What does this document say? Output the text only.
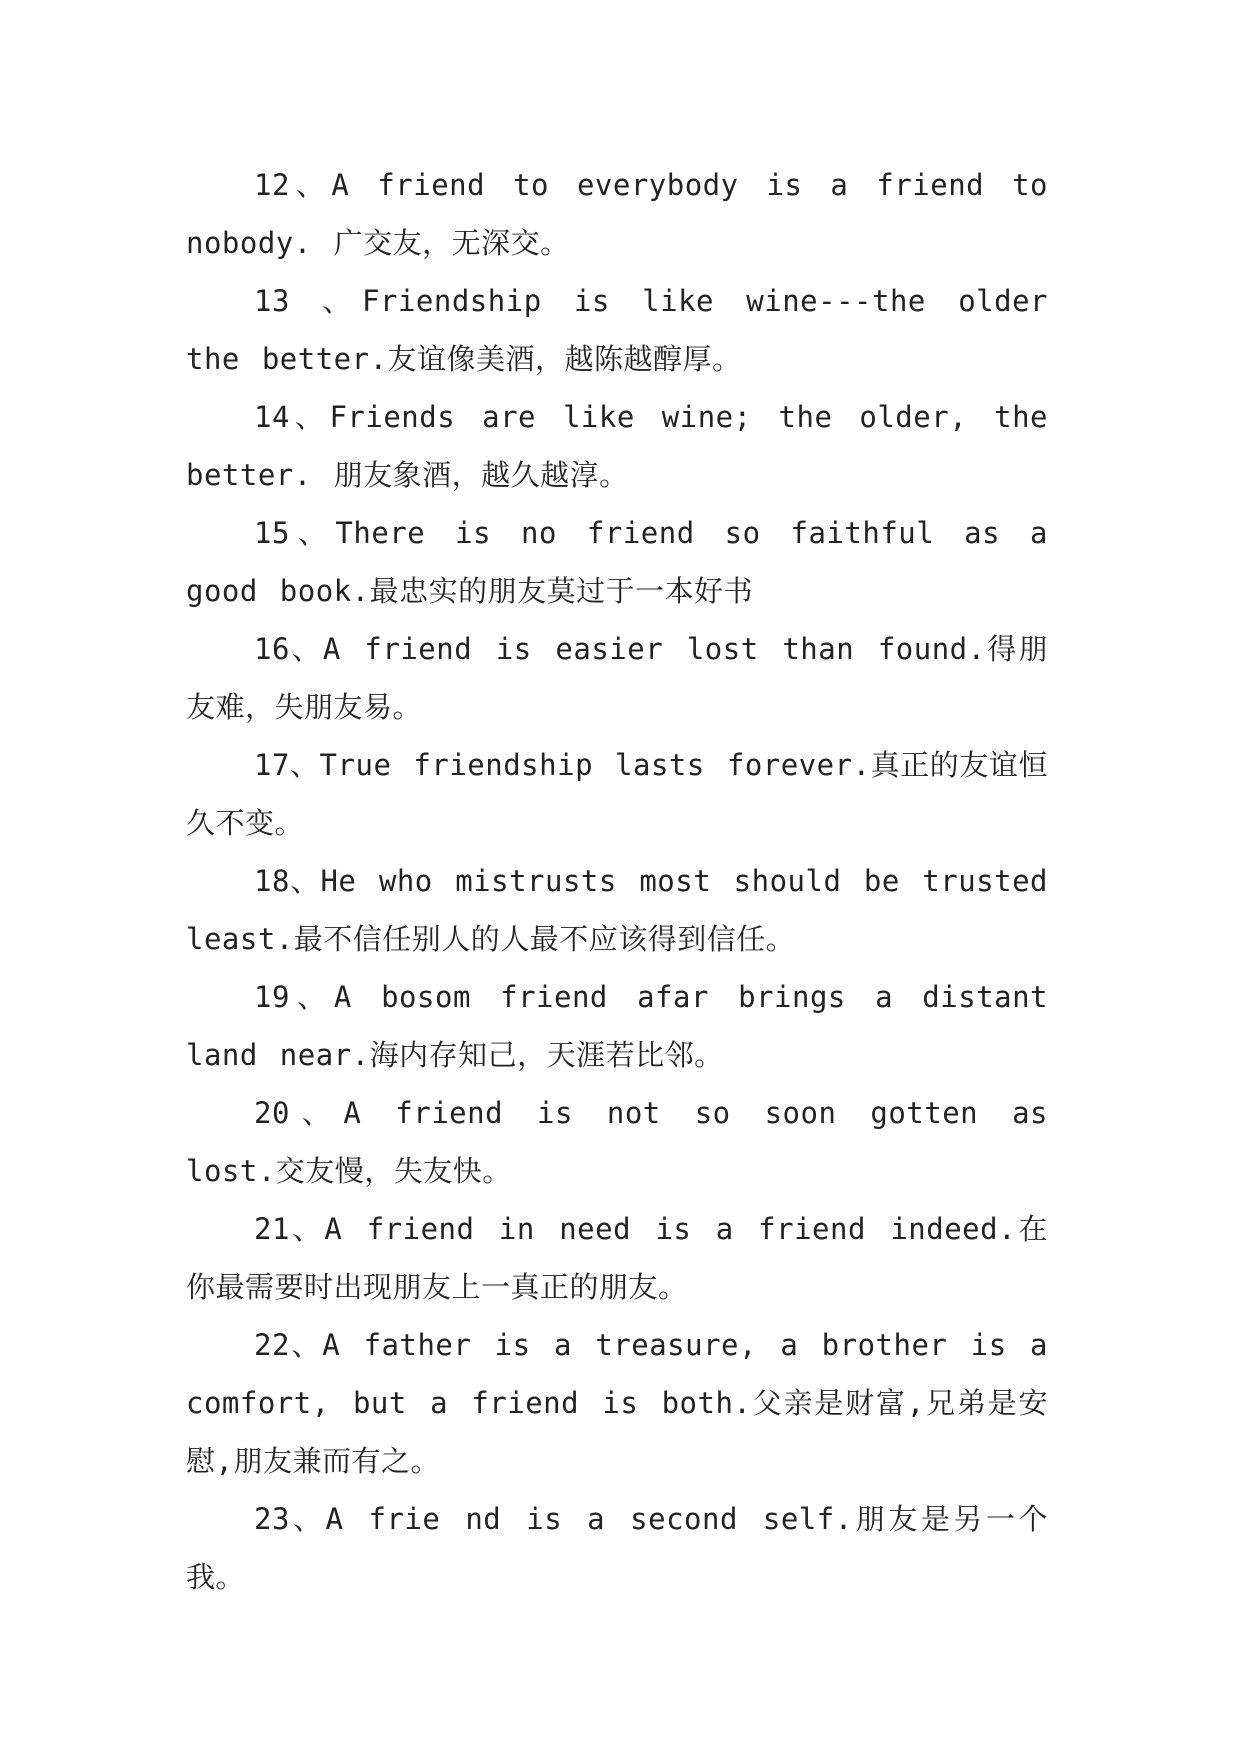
12、A friend to everybody is a friend to nobody. 广交友，无深交。

13 、Friendship is like wine---the older the better.友谊像美酒，越陈越醇厚。

14、Friends are like wine; the older, the better. 朋友象酒，越久越淳。

15、There is no friend so faithful as a good book.最忠实的朋友莫过于一本好书

16、A friend is easier lost than found.得朋友难，失朋友易。

17、True friendship lasts forever.真正的友谊恒久不变。

18、He who mistrusts most should be trusted least.最不信任别人的人最不应该得到信任。

19、A bosom friend afar brings a distant land near.海内存知己，天涯若比邻。

20、A friend is not so soon gotten as lost.交友慢，失友快。

21、A friend in need is a friend indeed.在你最需要时出现朋友上一真正的朋友。

22、A father is a treasure, a brother is a comfort, but a friend is both.父亲是财富,兄弟是安慰,朋友兼而有之。

23、A frie nd is a second self.朋友是另一个我。
